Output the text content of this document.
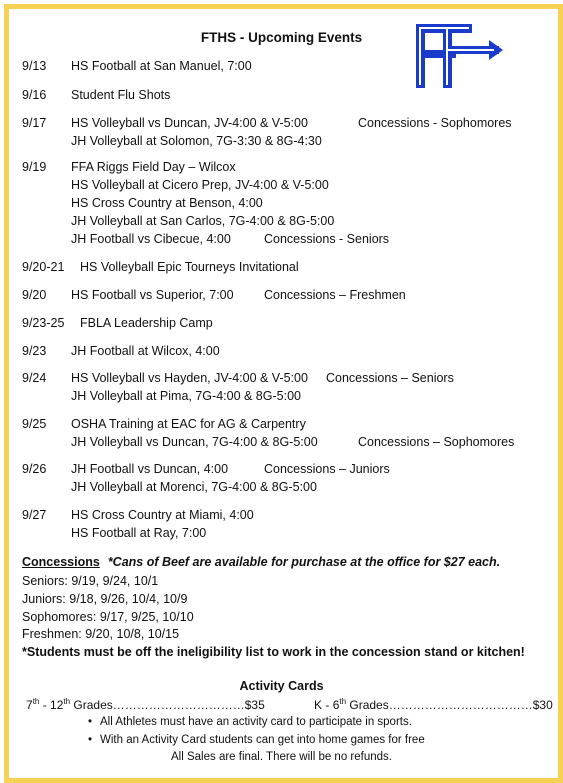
FTHS - Upcoming Events
9/13 HS Football at San Manuel, 7:00
9/16 Student Flu Shots
9/17 HS Volleyball vs Duncan, JV-4:00 & V-5:00	Concessions - Sophomores
JH Volleyball at Solomon, 7G-3:30 & 8G-4:30
9/19 FFA Riggs Field Day – Wilcox
HS Volleyball at Cicero Prep, JV-4:00 & V-5:00
HS Cross Country at Benson, 4:00
JH Volleyball at San Carlos, 7G-4:00 & 8G-5:00
JH Football vs Cibecue, 4:00	Concessions - Seniors
9/20-21 HS Volleyball Epic Tourneys Invitational
9/20 HS Football vs Superior, 7:00 Concessions – Freshmen
9/23-25 FBLA Leadership Camp
9/23 JH Football at Wilcox, 4:00
9/24 HS Volleyball vs Hayden, JV-4:00 & V-5:00 Concessions – Seniors
JH Volleyball at Pima, 7G-4:00 & 8G-5:00
9/25 OSHA Training at EAC for AG & Carpentry
JH Volleyball vs Duncan, 7G-4:00 & 8G-5:00	Concessions – Sophomores
9/26 JH Football vs Duncan, 4:00	Concessions – Juniors
JH Volleyball at Morenci, 7G-4:00 & 8G-5:00
9/27 HS Cross Country at Miami, 4:00
HS Football at Ray, 7:00
Concessions *Cans of Beef are available for purchase at the office for $27 each.
Seniors: 9/19, 9/24, 10/1
Juniors: 9/18, 9/26, 10/4, 10/9
Sophomores: 9/17, 9/25, 10/10
Freshmen: 9/20, 10/8, 10/15
*Students must be off the ineligibility list to work in the concession stand or kitchen!
Activity Cards
7th - 12th Grades……………………………$35	K - 6th Grades………………………………$30
• All Athletes must have an activity card to participate in sports.
• With an Activity Card students can get into home games for free
All Sales are final. There will be no refunds.
